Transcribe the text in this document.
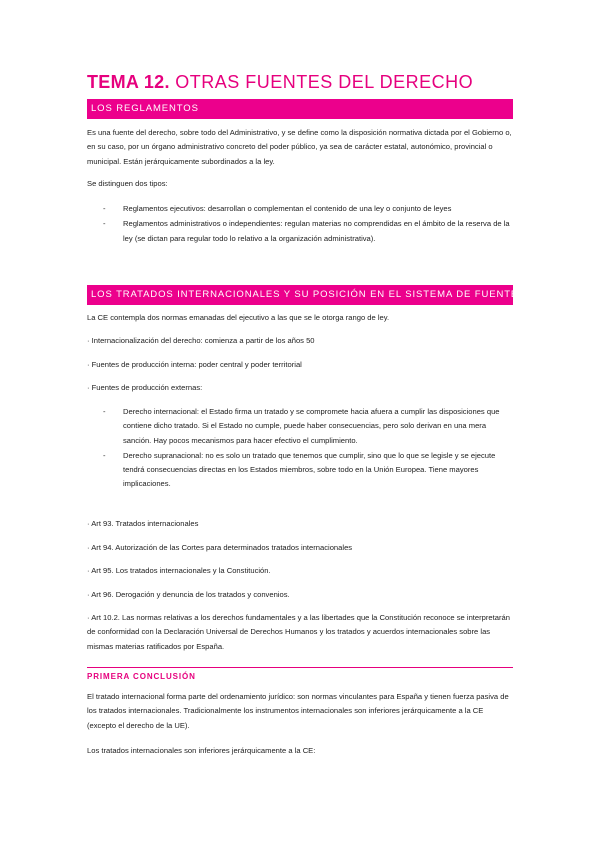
TEMA 12. OTRAS FUENTES DEL DERECHO
LOS REGLAMENTOS
Es una fuente del derecho, sobre todo del Administrativo, y se define como la disposición normativa dictada por el Gobierno o, en su caso, por un órgano administrativo concreto del poder público, ya sea de carácter estatal, autonómico, provincial o municipal. Están jerárquicamente subordinados a la ley.
Se distinguen dos tipos:
- Reglamentos ejecutivos: desarrollan o complementan el contenido de una ley o conjunto de leyes
- Reglamentos administrativos o independientes: regulan materias no comprendidas en el ámbito de la reserva de la ley (se dictan para regular todo lo relativo a la organización administrativa).
LOS TRATADOS INTERNACIONALES Y SU POSICIÓN EN EL SISTEMA DE FUENTES
La CE contempla dos normas emanadas del ejecutivo a las que se le otorga rango de ley.
· Internacionalización del derecho: comienza a partir de los años 50
· Fuentes de producción interna: poder central y poder territorial
· Fuentes de producción externas:
- Derecho internacional: el Estado firma un tratado y se compromete hacia afuera a cumplir las disposiciones que contiene dicho tratado. Si el Estado no cumple, puede haber consecuencias, pero solo derivan en una mera sanción. Hay pocos mecanismos para hacer efectivo el cumplimiento.
- Derecho supranacional: no es solo un tratado que tenemos que cumplir, sino que lo que se legisle y se ejecute tendrá consecuencias directas en los Estados miembros, sobre todo en la Unión Europea. Tiene mayores implicaciones.
· Art 93. Tratados internacionales
· Art 94. Autorización de las Cortes para determinados tratados internacionales
· Art 95. Los tratados internacionales y la Constitución.
· Art 96. Derogación y denuncia de los tratados y convenios.
· Art 10.2. Las normas relativas a los derechos fundamentales y a las libertades que la Constitución reconoce se interpretarán de conformidad con la Declaración Universal de Derechos Humanos y los tratados y acuerdos internacionales sobre las mismas materias ratificados por España.
PRIMERA CONCLUSIÓN
El tratado internacional forma parte del ordenamiento jurídico: son normas vinculantes para España y tienen fuerza pasiva de los tratados internacionales. Tradicionalmente los instrumentos internacionales son inferiores jerárquicamente a la CE (excepto el derecho de la UE).
Los tratados internacionales son inferiores jerárquicamente a la CE:
